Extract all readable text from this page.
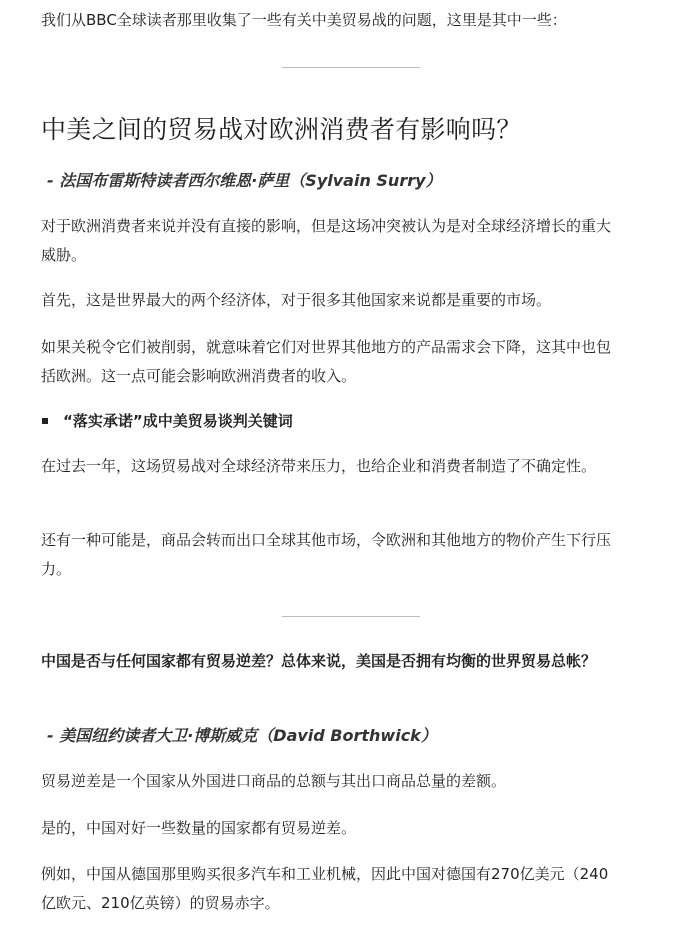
我们从BBC全球读者那里收集了一些有关中美贸易战的问题，这里是其中一些：
中美之间的贸易战对欧洲消费者有影响吗？
- 法国布雷斯特读者西尔维恩·萨里（Sylvain Surry）
对于欧洲消费者来说并没有直接的影响，但是这场冲突被认为是对全球经济增长的重大威胁。
首先，这是世界最大的两个经济体，对于很多其他国家来说都是重要的市场。
如果关税令它们被削弱，就意味着它们对世界其他地方的产品需求会下降，这其中也包括欧洲。这一点可能会影响欧洲消费者的收入。
“落实承诺”成中美贸易谈判关键词
在过去一年，这场贸易战对全球经济带来压力，也给企业和消费者制造了不确定性。
还有一种可能是，商品会转而出口全球其他市场，令欧洲和其他地方的物价产生下行压力。
中国是否与任何国家都有贸易逆差？总体来说，美国是否拥有均衡的世界贸易总帐？
- 美国纽约读者大卫·博斯威克（David Borthwick）
贸易逆差是一个国家从外国进口商品的总额与其出口商品总量的差额。
是的，中国对好一些数量的国家都有贸易逆差。
例如，中国从德国那里购买很多汽车和工业机械，因此中国对德国有270亿美元（240亿欧元、210亿英镑）的贸易赤字。
